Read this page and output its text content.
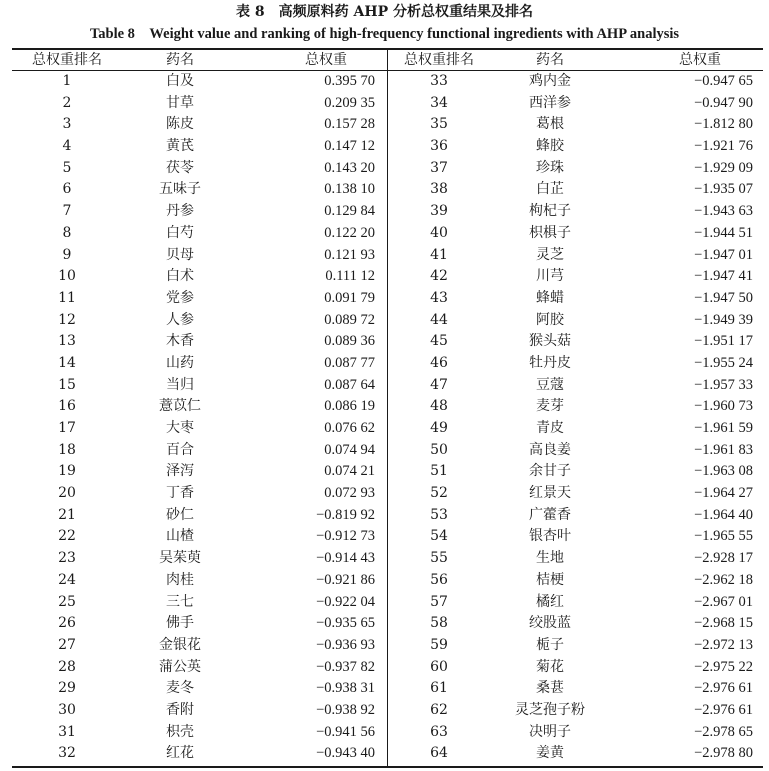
表 8　高频原料药 AHP 分析总权重结果及排名
Table 8　Weight value and ranking of high-frequency functional ingredients with AHP analysis
总权重排名	药名	总权重	总权重排名	药名	总权重
1	白及	0.395 70
2	甘草	0.209 35
3	陈皮	0.157 28
4	黄芪	0.147 12
5	茯苓	0.143 20
6	五味子	0.138 10
7	丹参	0.129 84
8	白芍	0.122 20
9	贝母	0.121 93
10	白术	0.111 12
11	党参	0.091 79
12	人参	0.089 72
13	木香	0.089 36
14	山药	0.087 77
15	当归	0.087 64
16	薏苡仁	0.086 19
17	大枣	0.076 62
18	百合	0.074 94
19	泽泻	0.074 21
20	丁香	0.072 93
21	砂仁	−0.819 92
22	山楂	−0.912 73
23	吴茱萸	−0.914 43
24	肉桂	−0.921 86
25	三七	−0.922 04
26	佛手	−0.935 65
27	金银花	−0.936 93
28	蒲公英	−0.937 82
29	麦冬	−0.938 31
30	香附	−0.938 92
31	枳壳	−0.941 56
32	红花	−0.943 40
33	鸡内金	−0.947 65
34	西洋参	−0.947 90
35	葛根	−1.812 80
36	蜂胶	−1.921 76
37	珍珠	−1.929 09
38	白芷	−1.935 07
39	枸杞子	−1.943 63
40	枳椇子	−1.944 51
41	灵芝	−1.947 01
42	川芎	−1.947 41
43	蜂蜡	−1.947 50
44	阿胶	−1.949 39
45	猴头菇	−1.951 17
46	牡丹皮	−1.955 24
47	豆蔻	−1.957 33
48	麦芽	−1.960 73
49	青皮	−1.961 59
50	高良姜	−1.961 83
51	余甘子	−1.963 08
52	红景天	−1.964 27
53	广藿香	−1.964 40
54	银杏叶	−1.965 55
55	生地	−2.928 17
56	桔梗	−2.962 18
57	橘红	−2.967 01
58	绞股蓝	−2.968 15
59	栀子	−2.972 13
60	菊花	−2.975 22
61	桑葚	−2.976 61
62	灵芝孢子粉	−2.976 61
63	决明子	−2.978 65
64	姜黄	−2.978 80
